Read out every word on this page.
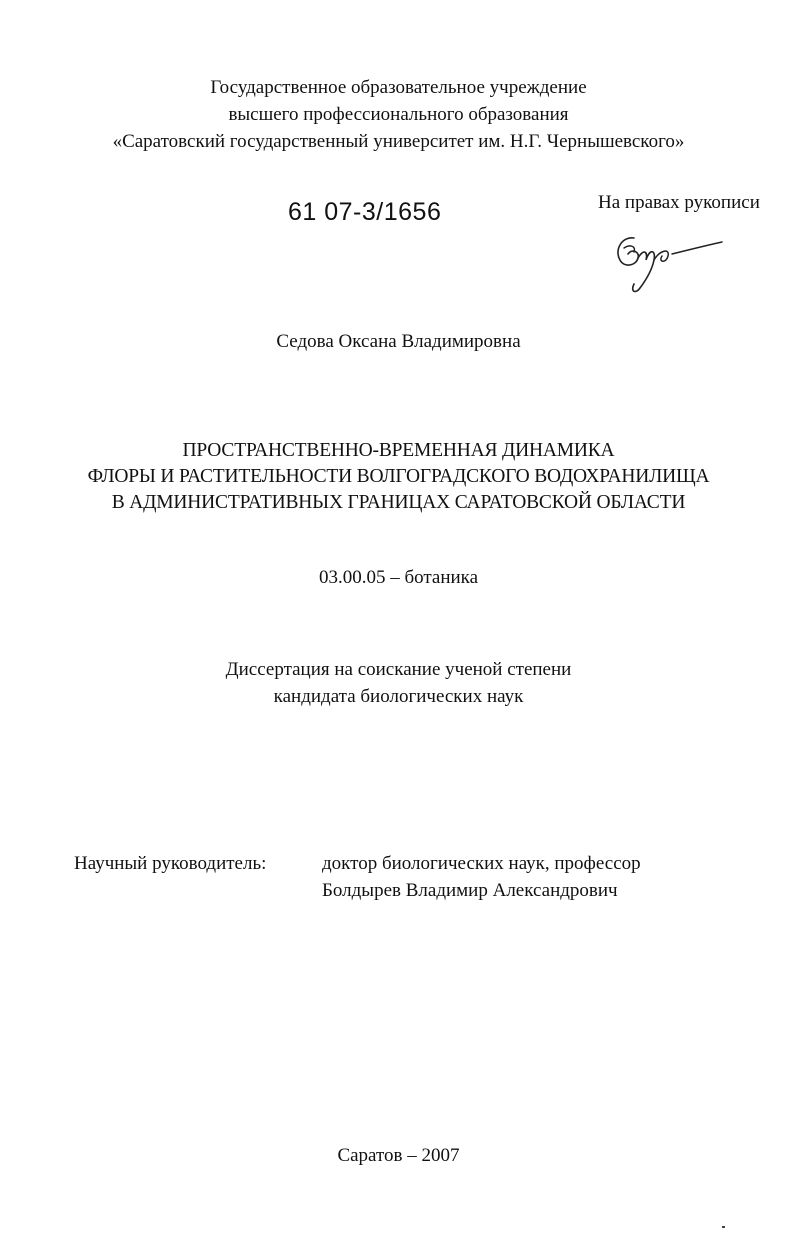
Государственное образовательное учреждение
высшего профессионального образования
«Саратовский государственный университет им. Н.Г. Чернышевского»
61 07-3/1656	На правах рукописи
Седова Оксана Владимировна
ПРОСТРАНСТВЕННО-ВРЕМЕННАЯ ДИНАМИКА
ФЛОРЫ И РАСТИТЕЛЬНОСТИ ВОЛГОГРАДСКОГО ВОДОХРАНИЛИЩА
В АДМИНИСТРАТИВНЫХ ГРАНИЦАХ САРАТОВСКОЙ ОБЛАСТИ
03.00.05 – ботаника
Диссертация на соискание ученой степени
кандидата биологических наук
Научный руководитель:	доктор биологических наук, профессор
Болдырев Владимир Александрович
Саратов – 2007
